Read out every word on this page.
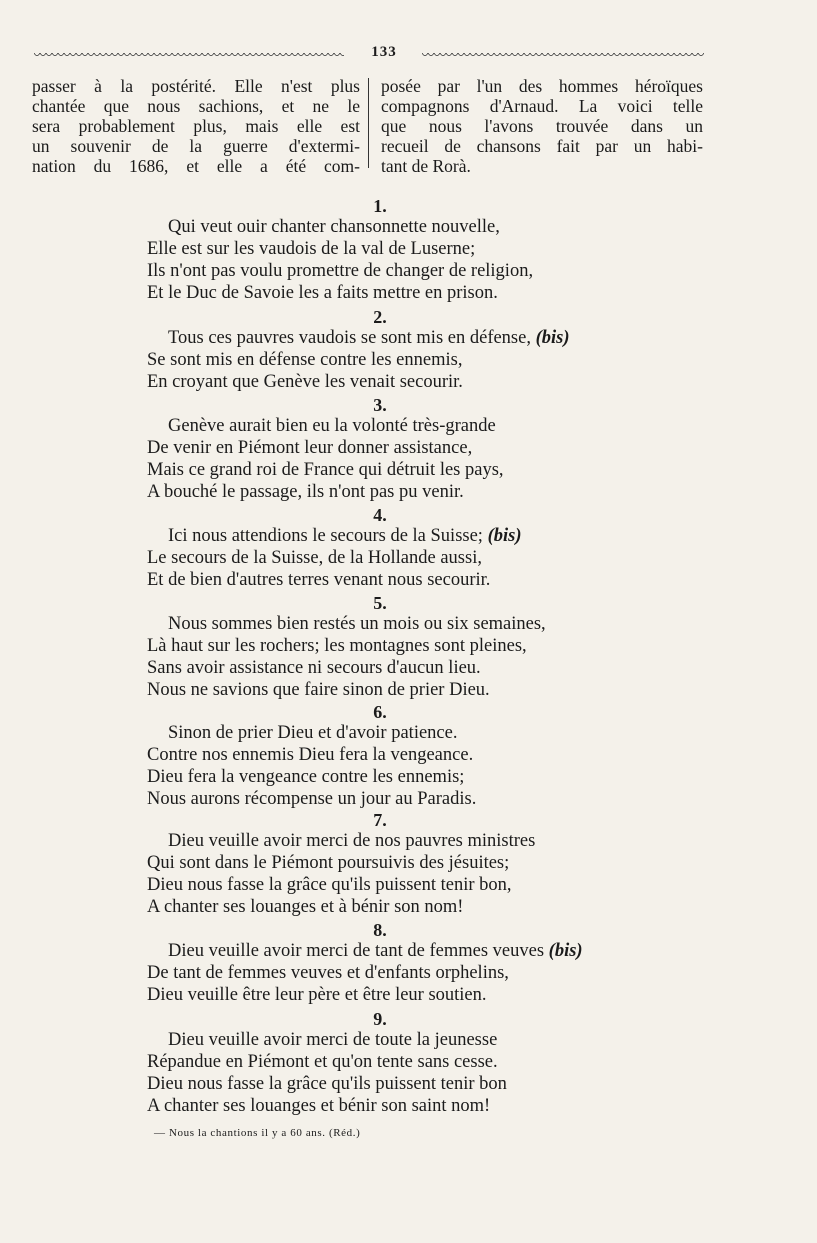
133

passer à la postérité. Elle n'est plus

chantée que nous sachions, et ne le

sera probablement plus, mais elle est

un souvenir de la guerre d'extermi-

nation du 1686, et elle a été com-

posée par l'un des hommes héroïques

compagnons d'Arnaud. La voici telle

que nous l'avons trouvée dans un

recueil de chansons fait par un habi-

tant de Rorà.

1.
Qui veut ouir chanter chansonnette nouvelle,
Elle est sur les vaudois de la val de Luserne;
Ils n'ont pas voulu promettre de changer de religion,
Et le Duc de Savoie les a faits mettre en prison.
2.
Tous ces pauvres vaudois se sont mis en défense, (bis)
Se sont mis en défense contre les ennemis,
En croyant que Genève les venait secourir.
3.
Genève aurait bien eu la volonté très-grande
De venir en Piémont leur donner assistance,
Mais ce grand roi de France qui détruit les pays,
A bouché le passage, ils n'ont pas pu venir.
4.
Ici nous attendions le secours de la Suisse; (bis)
Le secours de la Suisse, de la Hollande aussi,
Et de bien d'autres terres venant nous secourir.
5.
Nous sommes bien restés un mois ou six semaines,
Là haut sur les rochers; les montagnes sont pleines,
Sans avoir assistance ni secours d'aucun lieu.
Nous ne savions que faire sinon de prier Dieu.
6.
Sinon de prier Dieu et d'avoir patience.
Contre nos ennemis Dieu fera la vengeance.
Dieu fera la vengeance contre les ennemis;
Nous aurons récompense un jour au Paradis.
7.
Dieu veuille avoir merci de nos pauvres ministres
Qui sont dans le Piémont poursuivis des jésuites;
Dieu nous fasse la grâce qu'ils puissent tenir bon,
A chanter ses louanges et à bénir son nom!
8.
Dieu veuille avoir merci de tant de femmes veuves (bis)
De tant de femmes veuves et d'enfants orphelins,
Dieu veuille être leur père et être leur soutien.
9.
Dieu veuille avoir merci de toute la jeunesse
Répandue en Piémont et qu'on tente sans cesse.
Dieu nous fasse la grâce qu'ils puissent tenir bon
A chanter ses louanges et bénir son saint nom!
— Nous la chantions il y a 60 ans. (Réd.)
